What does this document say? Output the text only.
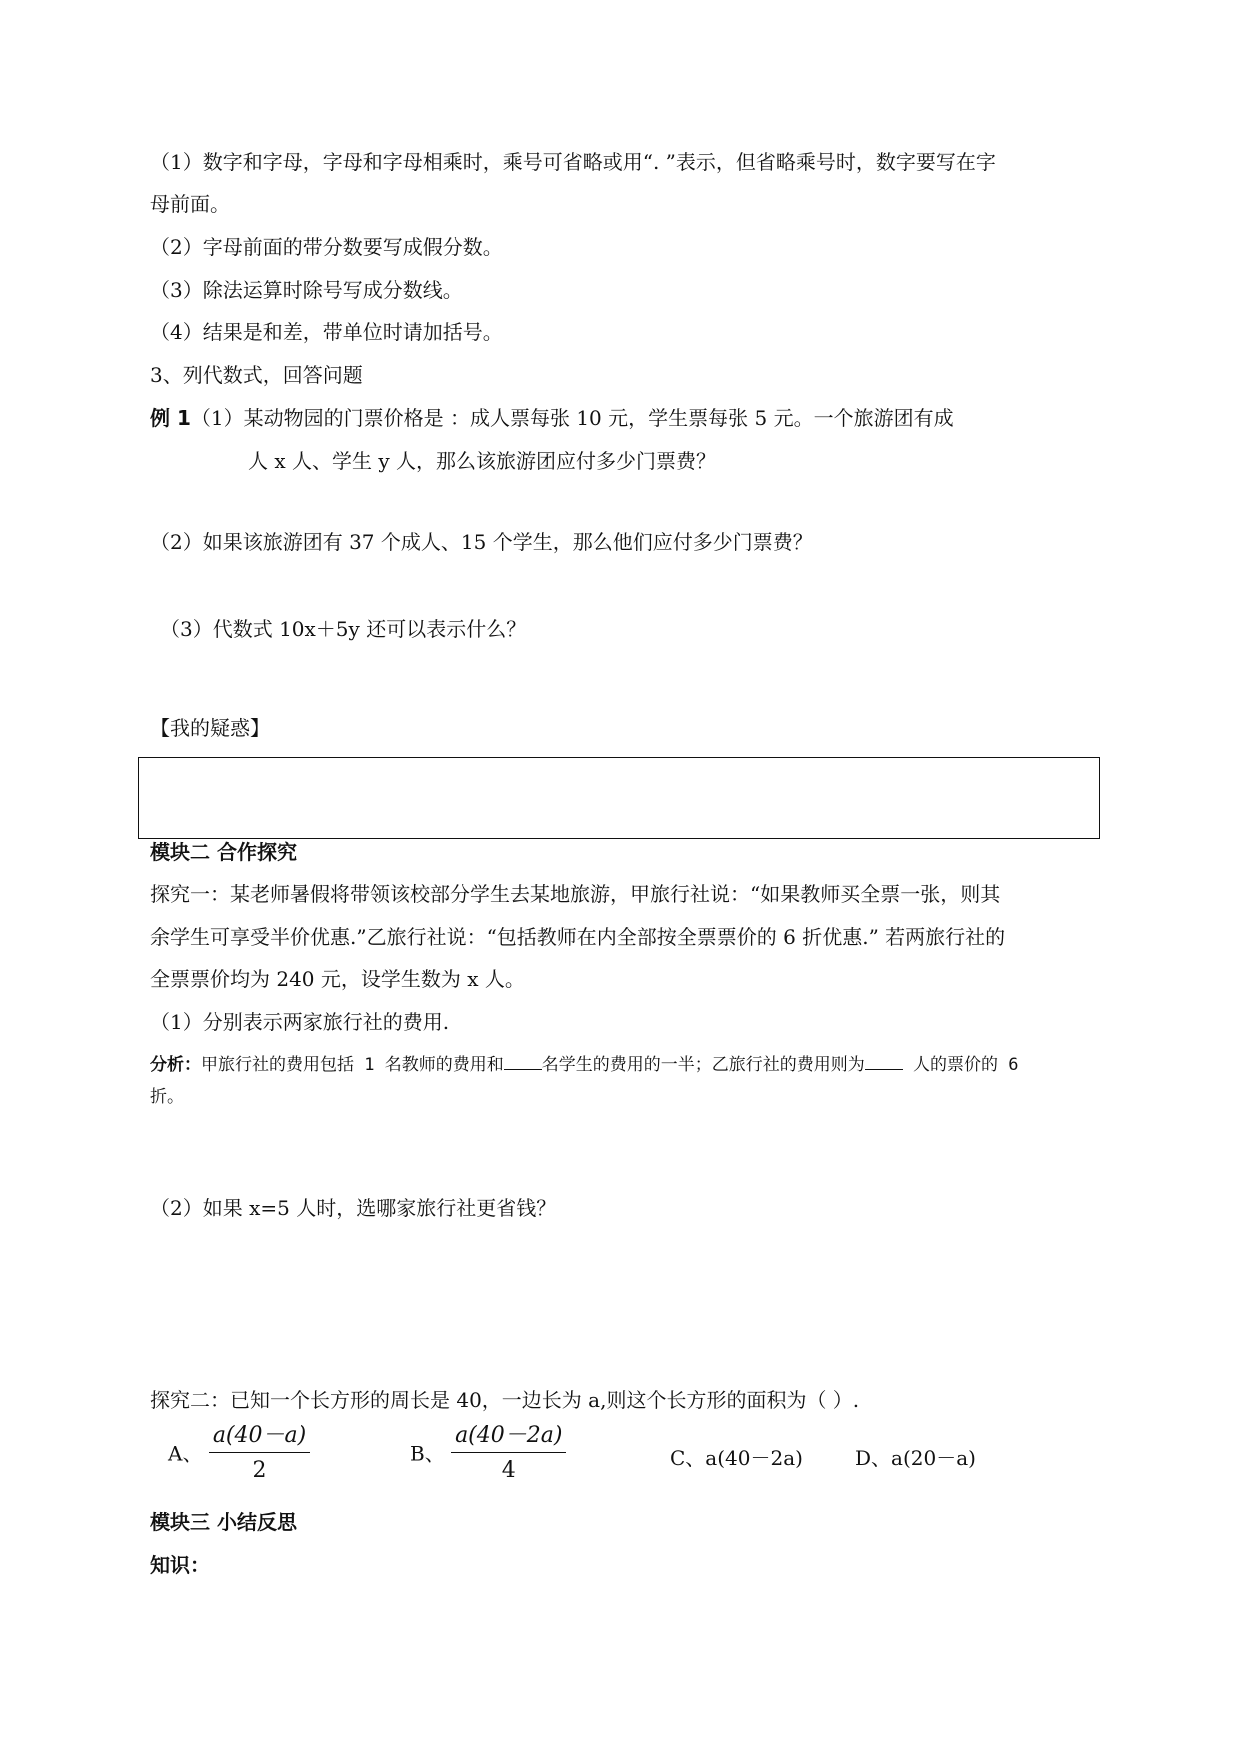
（1）数字和字母，字母和字母相乘时，乘号可省略或用“. ”表示，但省略乘号时，数字要写在字
母前面。
（2）字母前面的带分数要写成假分数。
（3）除法运算时除号写成分数线。
（4）结果是和差，带单位时请加括号。
3、列代数式，回答问题
例 1（1）某动物园的门票价格是 ：成人票每张 10 元，学生票每张 5 元。一个旅游团有成
人 x 人、学生 y 人，那么该旅游团应付多少门票费？
（2）如果该旅游团有 37 个成人、15 个学生，那么他们应付多少门票费？
（3）代数式 10x＋5y 还可以表示什么？
【我的疑惑】
模块二 合作探究
探究一：某老师暑假将带领该校部分学生去某地旅游，甲旅行社说：“如果教师买全票一张，则其
余学生可享受半价优惠.”乙旅行社说：“包括教师在内全部按全票票价的 6 折优惠.” 若两旅行社的
全票票价均为 240 元，设学生数为 x 人。
（1）分别表示两家旅行社的费用.
分析：甲旅行社的费用包括 1 名教师的费用和 名学生的费用的一半；乙旅行社的费用则为 人的票价的 6
折。
（2）如果 x=5 人时，选哪家旅行社更省钱？
探究二：已知一个长方形的周长是 40，一边长为 a,则这个长方形的面积为（ ）.
A、 $\frac{a(40-a)}{2}$	B、 $\frac{a(40-2a)}{4}$	C、a(40－2a)	D、a(20－a)
模块三 小结反思
知识：
